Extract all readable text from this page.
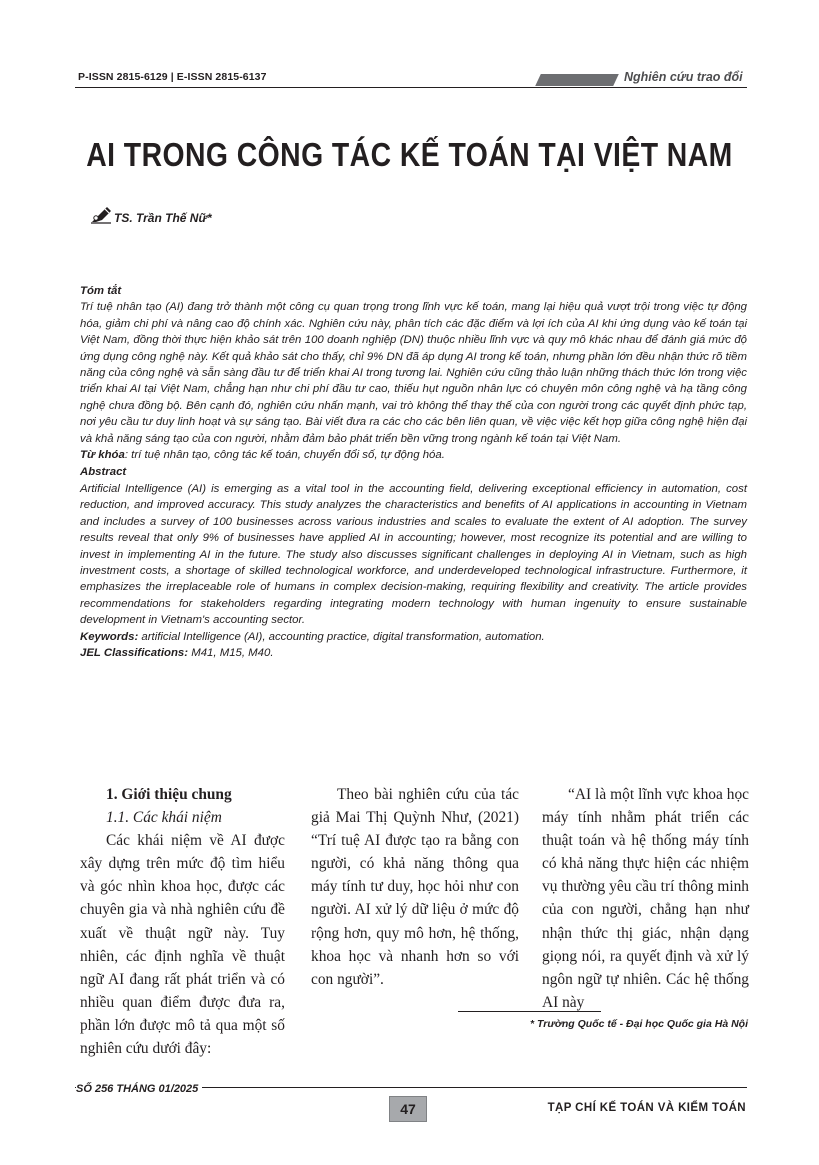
P-ISSN 2815-6129 | E-ISSN 2815-6137	Nghiên cứu trao đổi
AI TRONG CÔNG TÁC KẾ TOÁN TẠI VIỆT NAM
TS. Trần Thế Nữ*
Tóm tắt

Trí tuệ nhân tạo (AI) đang trở thành một công cụ quan trọng trong lĩnh vực kế toán, mang lại hiệu quả vượt trội trong việc tự động hóa, giảm chi phí và nâng cao độ chính xác. Nghiên cứu này, phân tích các đặc điểm và lợi ích của AI khi ứng dụng vào kế toán tại Việt Nam, đồng thời thực hiện khảo sát trên 100 doanh nghiệp (DN) thuộc nhiều lĩnh vực và quy mô khác nhau để đánh giá mức độ ứng dụng công nghệ này. Kết quả khảo sát cho thấy, chỉ 9% DN đã áp dụng AI trong kế toán, nhưng phần lớn đều nhận thức rõ tiềm năng của công nghệ và sẵn sàng đầu tư để triển khai AI trong tương lai. Nghiên cứu cũng thảo luận những thách thức lớn trong việc triển khai AI tại Việt Nam, chẳng hạn như chi phí đầu tư cao, thiếu hụt nguồn nhân lực có chuyên môn công nghệ và hạ tầng công nghệ chưa đồng bộ. Bên cạnh đó, nghiên cứu nhấn mạnh, vai trò không thể thay thế của con người trong các quyết định phức tạp, nơi yêu cầu tư duy linh hoạt và sự sáng tạo. Bài viết đưa ra các cho các bên liên quan, về việc việc kết hợp giữa công nghệ hiện đại và khả năng sáng tạo của con người, nhằm đảm bảo phát triển bền vững trong ngành kế toán tại Việt Nam.

Từ khóa: trí tuệ nhân tạo, công tác kế toán, chuyển đổi số, tự động hóa.

Abstract

Artificial Intelligence (AI) is emerging as a vital tool in the accounting field, delivering exceptional efficiency in automation, cost reduction, and improved accuracy. This study analyzes the characteristics and benefits of AI applications in accounting in Vietnam and includes a survey of 100 businesses across various industries and scales to evaluate the extent of AI adoption. The survey results reveal that only 9% of businesses have applied AI in accounting; however, most recognize its potential and are willing to invest in implementing AI in the future. The study also discusses significant challenges in deploying AI in Vietnam, such as high investment costs, a shortage of skilled technological workforce, and underdeveloped technological infrastructure. Furthermore, it emphasizes the irreplaceable role of humans in complex decision-making, requiring flexibility and creativity. The article provides recommendations for stakeholders regarding integrating modern technology with human ingenuity to ensure sustainable development in Vietnam's accounting sector.

Keywords: artificial Intelligence (AI), accounting practice, digital transformation, automation.

JEL Classifications: M41, M15, M40.

1. Giới thiệu chung

1.1. Các khái niệm

Các khái niệm về AI được xây dựng trên mức độ tìm hiểu và góc nhìn khoa học, được các chuyên gia và nhà nghiên cứu đề xuất về thuật ngữ này. Tuy nhiên, các định nghĩa về thuật ngữ AI đang rất phát triển và có nhiều quan điểm được đưa ra, phần lớn được mô tả qua một số nghiên cứu dưới đây:

Theo bài nghiên cứu của tác giả Mai Thị Quỳnh Như, (2021) “Trí tuệ AI được tạo ra bằng con người, có khả năng thông qua máy tính tư duy, học hỏi như con người. AI xử lý dữ liệu ở mức độ rộng hơn, quy mô hơn, hệ thống, khoa học và nhanh hơn so với con người”.

“AI là một lĩnh vực khoa học máy tính nhằm phát triển các thuật toán và hệ thống máy tính có khả năng thực hiện các nhiệm vụ thường yêu cầu trí thông minh của con người, chẳng hạn như nhận thức thị giác, nhận dạng giọng nói, ra quyết định và xử lý ngôn ngữ tự nhiên. Các hệ thống AI này

* Trường Quốc tế - Đại học Quốc gia Hà Nội
SỐ 256 THÁNG 01/2025
47	TẠP CHÍ KẾ TOÁN VÀ KIỂM TOÁN
